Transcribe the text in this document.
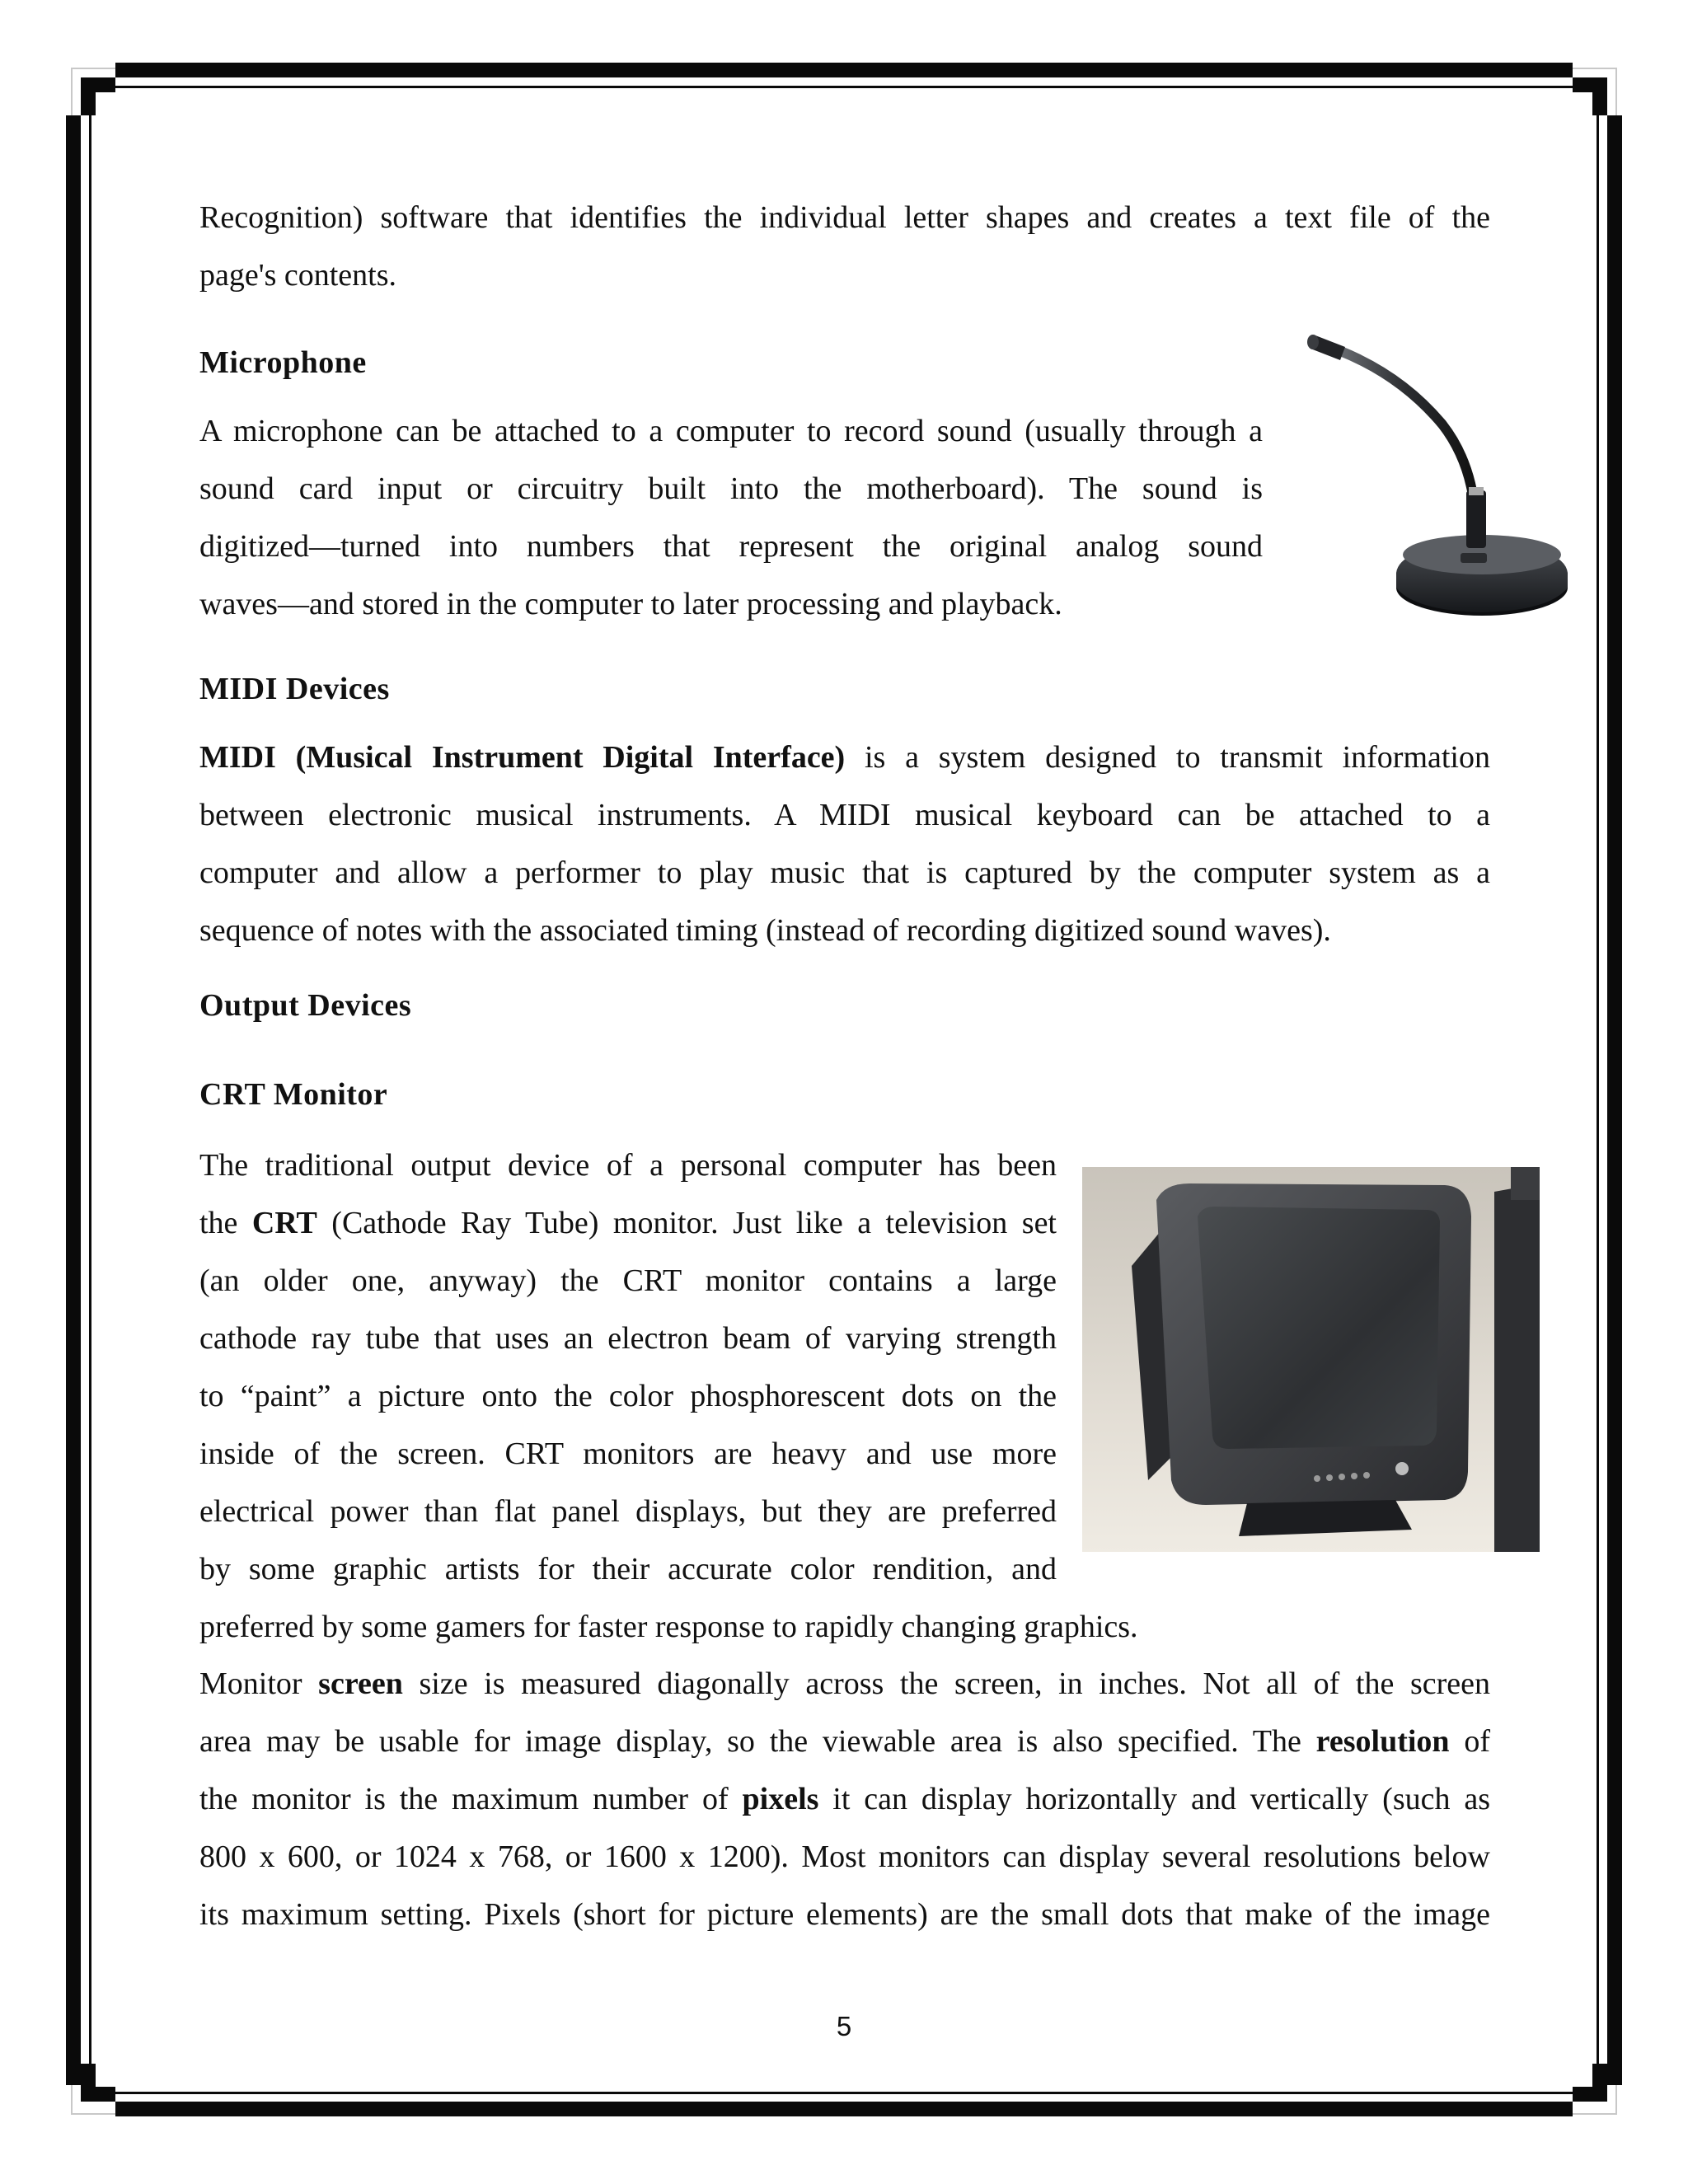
Recognition) software that identifies the individual letter shapes and creates a text file of the
page's contents.
Microphone
A microphone can be attached to a computer to record sound (usually through a
sound card input or circuitry built into the motherboard). The sound is
digitized—turned into numbers that represent the original analog sound
waves—and stored in the computer to later processing and playback.
MIDI Devices
MIDI (Musical Instrument Digital Interface) is a system designed to transmit information
between electronic musical instruments. A MIDI musical keyboard can be attached to a
computer and allow a performer to play music that is captured by the computer system as a
sequence of notes with the associated timing (instead of recording digitized sound waves).
Output Devices
CRT Monitor
The traditional output device of a personal computer has been
the CRT (Cathode Ray Tube) monitor. Just like a television set
(an older one, anyway) the CRT monitor contains a large
cathode ray tube that uses an electron beam of varying strength
to “paint” a picture onto the color phosphorescent dots on the
inside of the screen. CRT monitors are heavy and use more
electrical power than flat panel displays, but they are preferred
by some graphic artists for their accurate color rendition, and
preferred by some gamers for faster response to rapidly changing graphics.
Monitor screen size is measured diagonally across the screen, in inches. Not all of the screen
area may be usable for image display, so the viewable area is also specified. The resolution of
the monitor is the maximum number of pixels it can display horizontally and vertically (such as
800 x 600, or 1024 x 768, or 1600 x 1200). Most monitors can display several resolutions below
its maximum setting. Pixels (short for picture elements) are the small dots that make of the image
5
